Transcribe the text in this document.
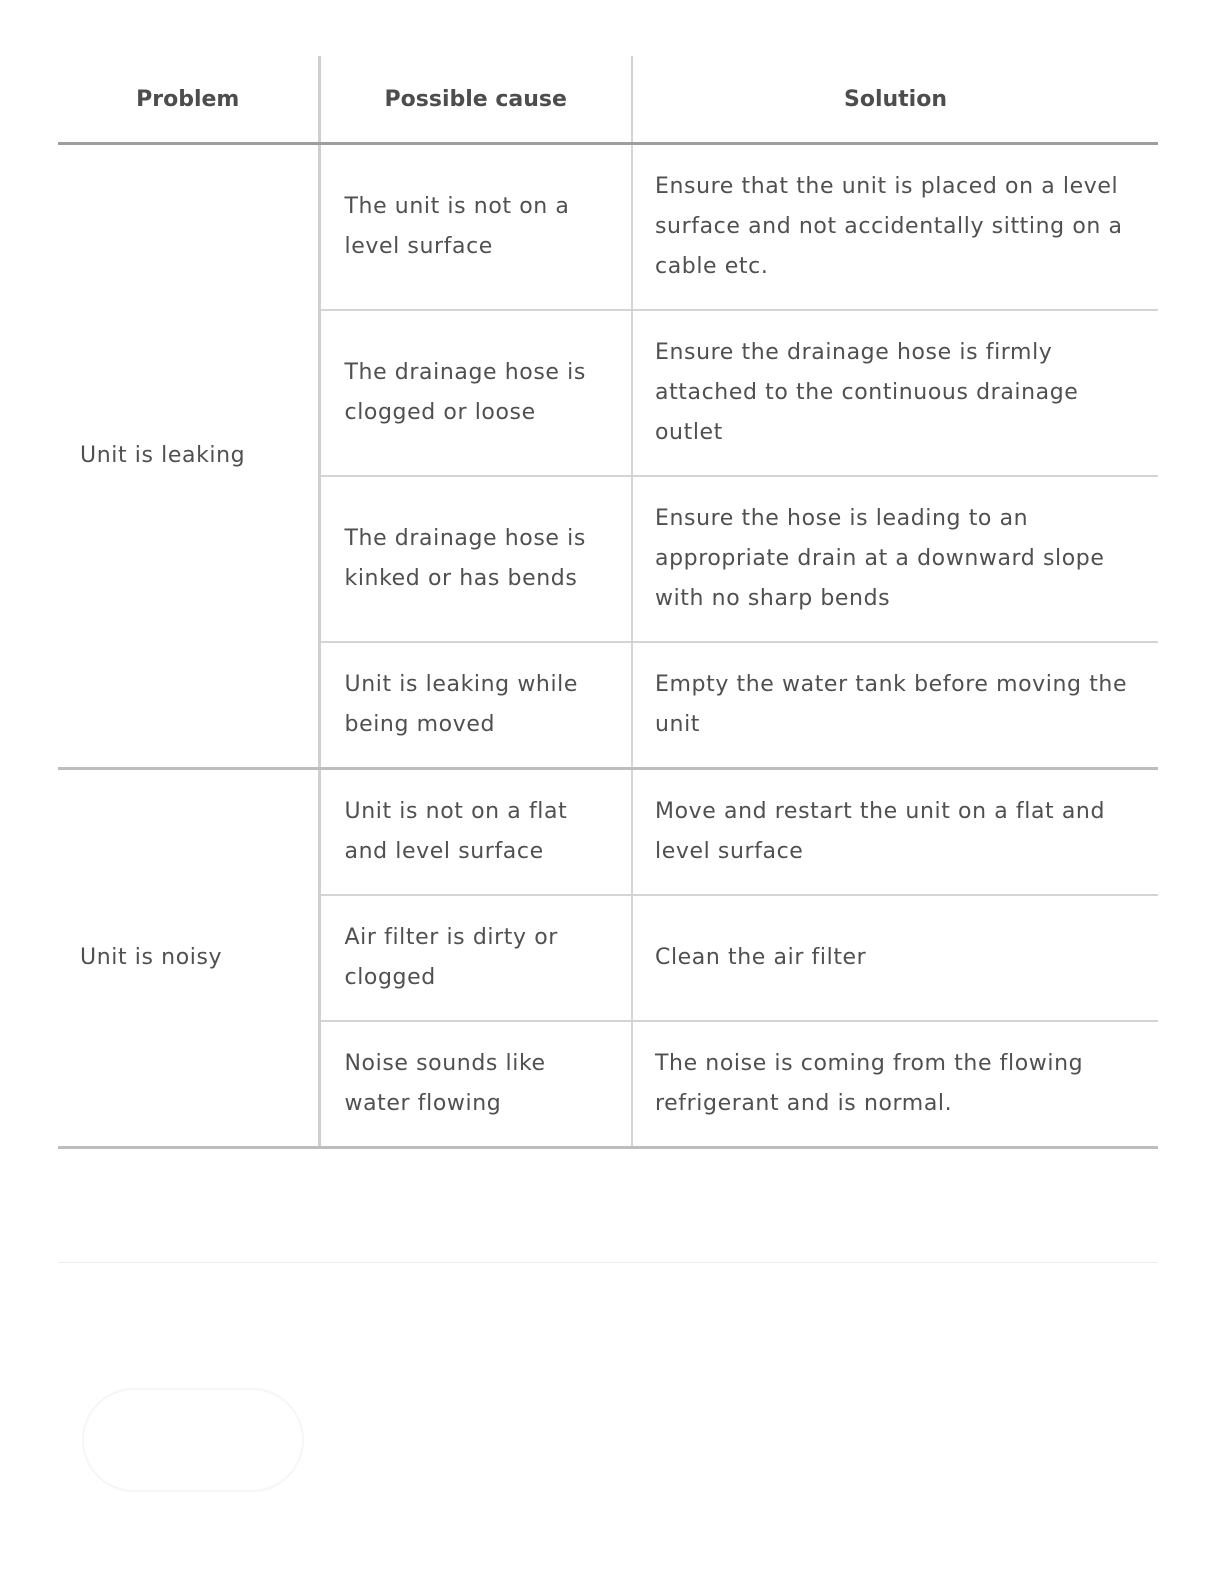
Problem	Possible cause	Solution
Unit is leaking	The unit is not on a level surface	Ensure that the unit is placed on a level surface and not accidentally sitting on a cable etc.
	The drainage hose is clogged or loose	Ensure the drainage hose is firmly attached to the continuous drainage outlet
	The drainage hose is kinked or has bends	Ensure the hose is leading to an appropriate drain at a downward slope with no sharp bends
	Unit is leaking while being moved	Empty the water tank before moving the unit
Unit is noisy	Unit is not on a flat and level surface	Move and restart the unit on a flat and level surface
	Air filter is dirty or clogged	Clean the air filter
	Noise sounds like water flowing	The noise is coming from the flowing refrigerant and is normal.
